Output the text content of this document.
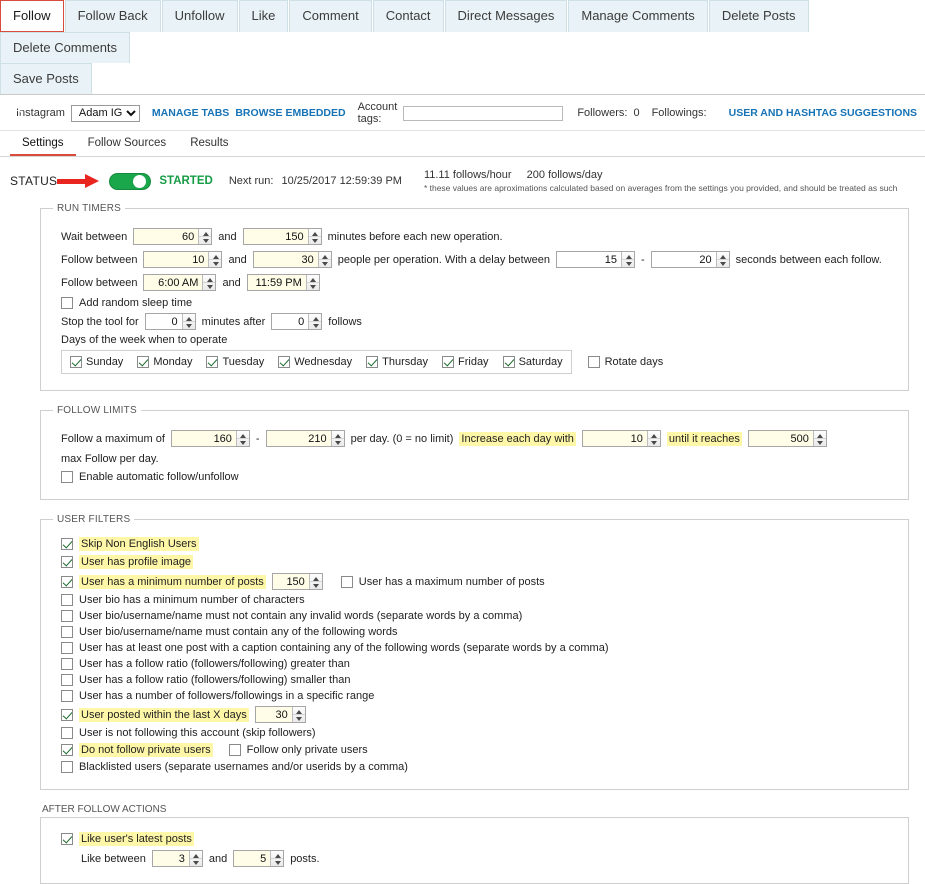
Follow	Follow Back	Unfollow	Like	Comment	Contact	Direct Messages	Manage Comments	Delete Posts
Delete Comments
Save Posts
Instagram
Adam IG	MANAGE TABS BROWSE EMBEDDED Account tags:	Followers: 0 Followings: USER AND HASHTAG SUGGESTIONS
Settings	Follow Sources	Results
STATUS	STARTED Next run: 10/25/2017 12:59:39 PM 11.11 follows/hour 200 follows/day
* these values are aproximations calculated based on averages from the settings you provided, and should be treated as such
RUN TIMERS
Wait between
60	and
150	minutes before each new operation.
Follow between
10	and
30	people per operation. With a delay between
15	-
20	seconds between each follow.
Follow between
6:00 AM	and
11:59 PM
Add random sleep time
Stop the tool for
0	minutes after
0	follows
Days of the week when to operate
Sunday	Monday	Tuesday	Wednesday	Thursday	Friday	Saturday	Rotate days
FOLLOW LIMITS
Follow a maximum of
160	-
210	per day. (0 = no limit) Increase each day with
10	until it reaches
500
max Follow per day.
Enable automatic follow/unfollow
USER FILTERS
Skip Non English Users
User has profile image
User has a minimum number of posts
150	User has a maximum number of posts
User bio has a minimum number of characters
User bio/username/name must not contain any invalid words (separate words by a comma)
User bio/username/name must contain any of the following words
User has at least one post with a caption containing any of the following words (separate words by a comma)
User has a follow ratio (followers/following) greater than
User has a follow ratio (followers/following) smaller than
User has a number of followers/followings in a specific range
User posted within the last X days
30
User is not following this account (skip followers)
Do not follow private users	Follow only private users
Blacklisted users (separate usernames and/or userids by a comma)
AFTER FOLLOW ACTIONS
Like user's latest posts
Like between
3	and
5	posts.
